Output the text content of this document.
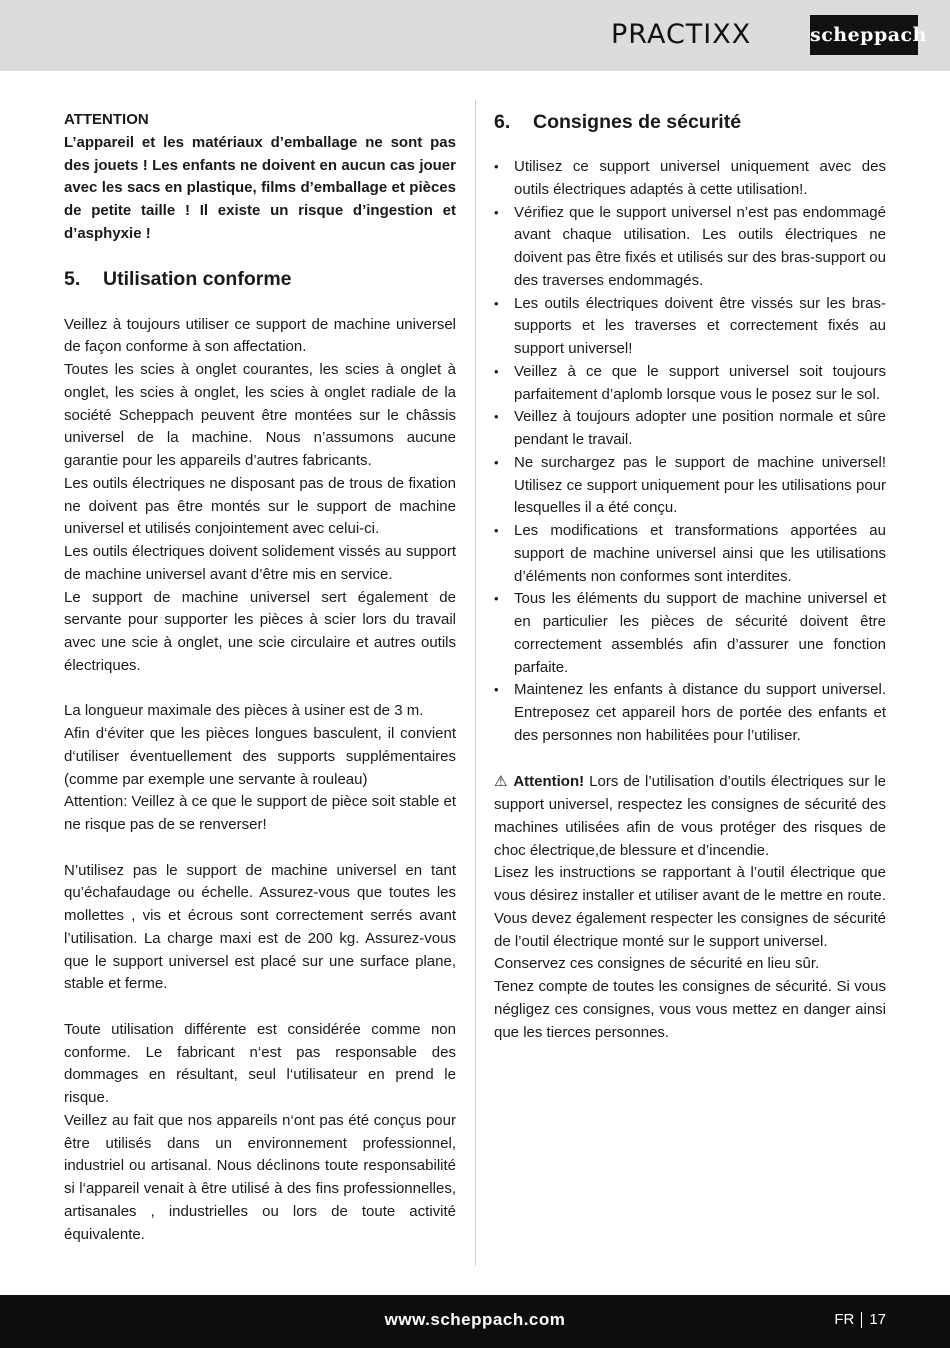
PRACTIXX	scheppach
ATTENTION
L’appareil et les matériaux d’emballage ne sont pas des jouets ! Les enfants ne doivent en aucun cas jouer avec les sacs en plastique, films d’emballage et pièces de petite taille ! Il existe un risque d’ingestion et d’asphyxie !
5.	Utilisation conforme

Veillez à toujours utiliser ce support de machine universel de façon conforme à son affectation.

Toutes les scies à onglet courantes, les scies à onglet à onglet, les scies à onglet, les scies à onglet radiale de la société Scheppach peuvent être montées sur le châssis universel de la machine. Nous n’assumons aucune garantie pour les appareils d’autres fabricants.

Les outils électriques ne disposant pas de trous de fixation ne doivent pas être montés sur le support de machine universel et utilisés conjointement avec celui-ci.

Les outils électriques doivent solidement vissés au support de machine universel avant d’être mis en service.

Le support de machine universel sert également de servante pour supporter les pièces à scier lors du travail avec une scie à onglet, une scie circulaire et autres outils électriques.

La longueur maximale des pièces à usiner est de 3 m.

Afin d‘éviter que les pièces longues basculent, il convient d‘utiliser éventuellement des supports supplémentaires (comme par exemple une servante à rouleau)

Attention: Veillez à ce que le support de pièce soit stable et ne risque pas de se renverser!

N’utilisez pas le support de machine universel en tant qu’échafaudage ou échelle. Assurez-vous que toutes les mollettes , vis et écrous sont correctement serrés avant l’utilisation. La charge maxi est de 200 kg. Assurez-vous que le support universel est placé sur une surface plane, stable et ferme.

Toute utilisation différente est considérée comme non conforme. Le fabricant n‘est pas responsable des dommages en résultant, seul l‘utilisateur en prend le risque.

Veillez au fait que nos appareils n‘ont pas été conçus pour être utilisés dans un environnement professionnel, industriel ou artisanal. Nous déclinons toute responsabilité si l‘appareil venait à être utilisé à des fins professionnelles, artisanales , industrielles ou lors de toute activité équivalente.

6.	Consignes de sécurité
• Utilisez ce support universel uniquement avec des outils électriques adaptés à cette utilisation!.
• Vérifiez que le support universel n’est pas endommagé avant chaque utilisation. Les outils électriques ne doivent pas être fixés et utilisés sur des bras-support ou des traverses endommagés.
• Les outils électriques doivent être vissés sur les bras- supports et les traverses et correctement fixés au support universel!
• Veillez à ce que le support universel soit toujours parfaitement d’aplomb lorsque vous le posez sur le sol.
• Veillez à toujours adopter une position normale et sûre pendant le travail.
• Ne surchargez pas le support de machine universel! Utilisez ce support uniquement pour les utilisations pour lesquelles il a été conçu.
• Les modifications et transformations apportées au support de machine universel ainsi que les utilisations d’éléments non conformes sont interdites.
• Tous les éléments du support de machine universel et en particulier les pièces de sécurité doivent être correctement assemblés afin d’assurer une fonction parfaite.
• Maintenez les enfants à distance du support universel. Entreposez cet appareil hors de portée des enfants et des personnes non habilitées pour l’utiliser.

⚠ Attention! Lors de l’utilisation d’outils électriques sur le support universel, respectez les consignes de sécurité des machines utilisées afin de vous protéger des risques de choc électrique,de blessure et d’incendie.

Lisez les instructions se rapportant à l’outil électrique que vous désirez installer et utiliser avant de le mettre en route.

Vous devez également respecter les consignes de sécurité de l’outil électrique monté sur le support universel.

Conservez ces consignes de sécurité en lieu sûr.

Tenez compte de toutes les consignes de sécurité. Si vous négligez ces consignes, vous vous mettez en danger ainsi que les tierces personnes.

www.scheppach.com	FR 17
